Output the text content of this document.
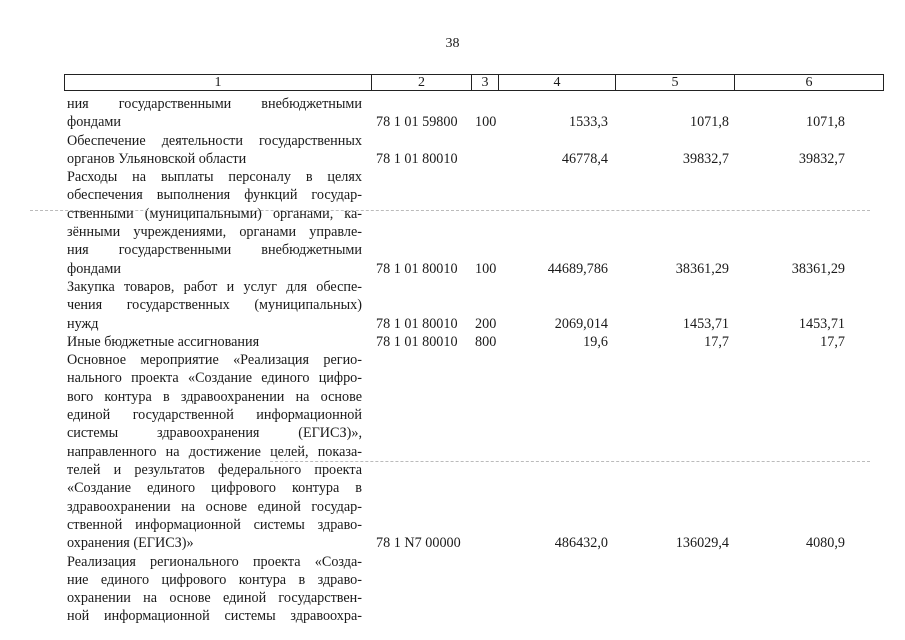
38
1	2	3	4	5	6
ния государственными внебюджетными
фондами	78 1 01 59800 100	1533,3	1071,8	1071,8
Обеспечение деятельности государственных
органов Ульяновской области	78 1 01 80010	46778,4	39832,7	39832,7
Расходы на выплаты персоналу в целях
обеспечения выполнения функций государ-
ственными (муниципальными) органами, ка-
зёнными учреждениями, органами управле-
ния государственными внебюджетными
фондами	78 1 01 80010 100	44689,786	38361,29	38361,29
Закупка товаров, работ и услуг для обеспе-
чения государственных (муниципальных)
нужд	78 1 01 80010 200	2069,014	1453,71	1453,71
Иные бюджетные ассигнования	78 1 01 80010 800	19,6	17,7	17,7
Основное мероприятие «Реализация регио-
нального проекта «Создание единого цифро-
вого контура в здравоохранении на основе
единой государственной информационной
системы здравоохранения (ЕГИСЗ)»,
направленного на достижение целей, показа-
телей и результатов федерального проекта
«Создание единого цифрового контура в
здравоохранении на основе единой государ-
ственной информационной системы здраво-
охранения (ЕГИСЗ)»	78 1 N7 00000	486432,0	136029,4	4080,9
Реализация регионального проекта «Созда-
ние единого цифрового контура в здраво-
охранении на основе единой государствен-
ной информационной системы здравоохра-
